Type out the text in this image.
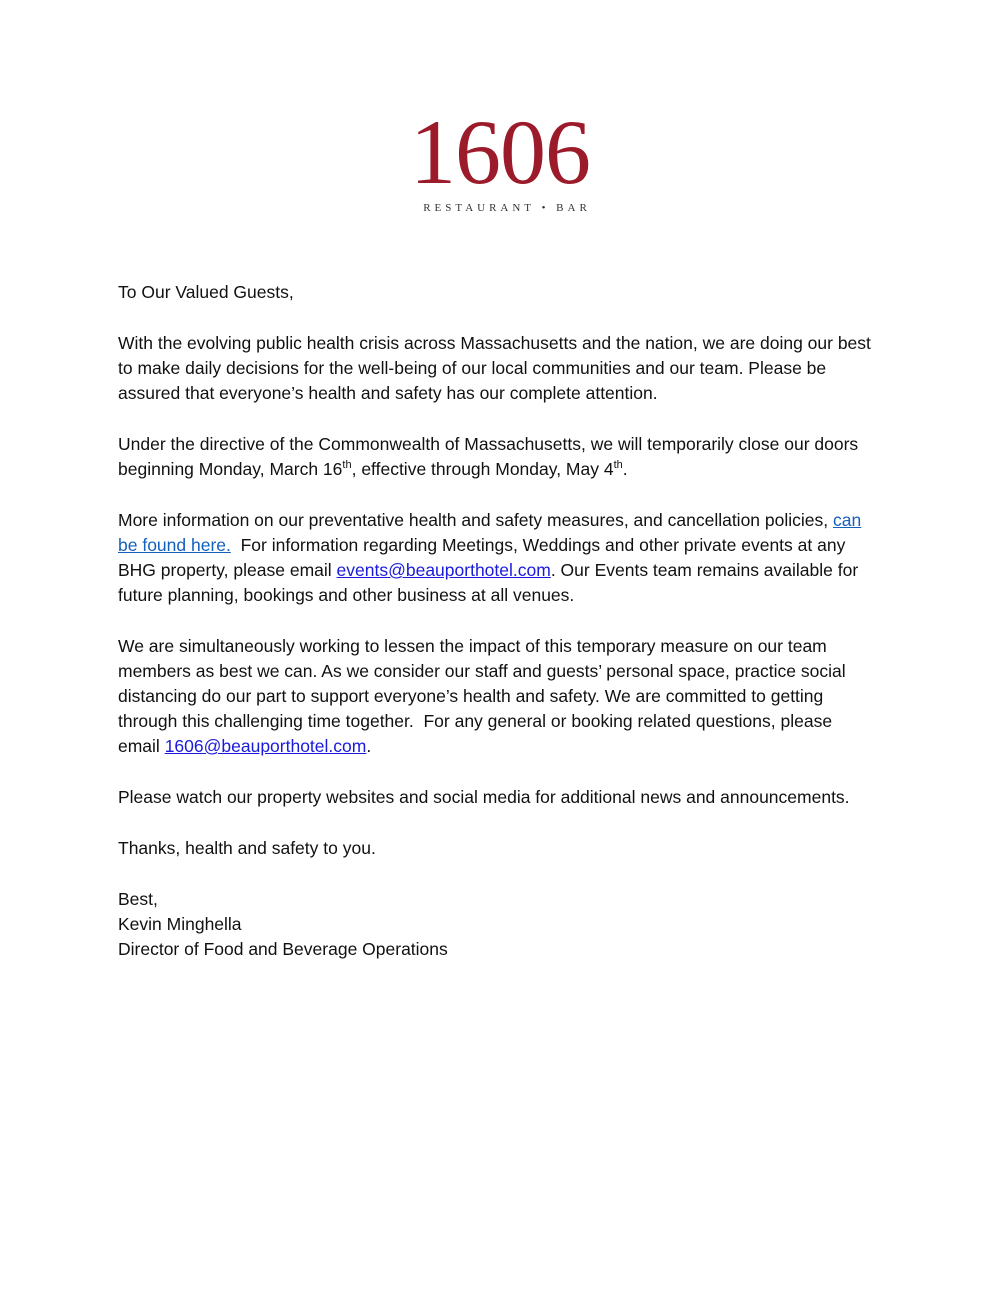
1606
RESTAURANT • BAR

To Our Valued Guests,

With the evolving public health crisis across Massachusetts and the nation, we are doing our best to make daily decisions for the well-being of our local communities and our team. Please be assured that everyone’s health and safety has our complete attention.

Under the directive of the Commonwealth of Massachusetts, we will temporarily close our doors beginning Monday, March 16th, effective through Monday, May 4th.

More information on our preventative health and safety measures, and cancellation policies, can be found here.  For information regarding Meetings, Weddings and other private events at any BHG property, please email events@beauporthotel.com. Our Events team remains available for future planning, bookings and other business at all venues.

We are simultaneously working to lessen the impact of this temporary measure on our team members as best we can. As we consider our staff and guests’ personal space, practice social distancing do our part to support everyone’s health and safety. We are committed to getting through this challenging time together.  For any general or booking related questions, please email 1606@beauporthotel.com.

Please watch our property websites and social media for additional news and announcements.

Thanks, health and safety to you.

Best,

Kevin Minghella

Director of Food and Beverage Operations
